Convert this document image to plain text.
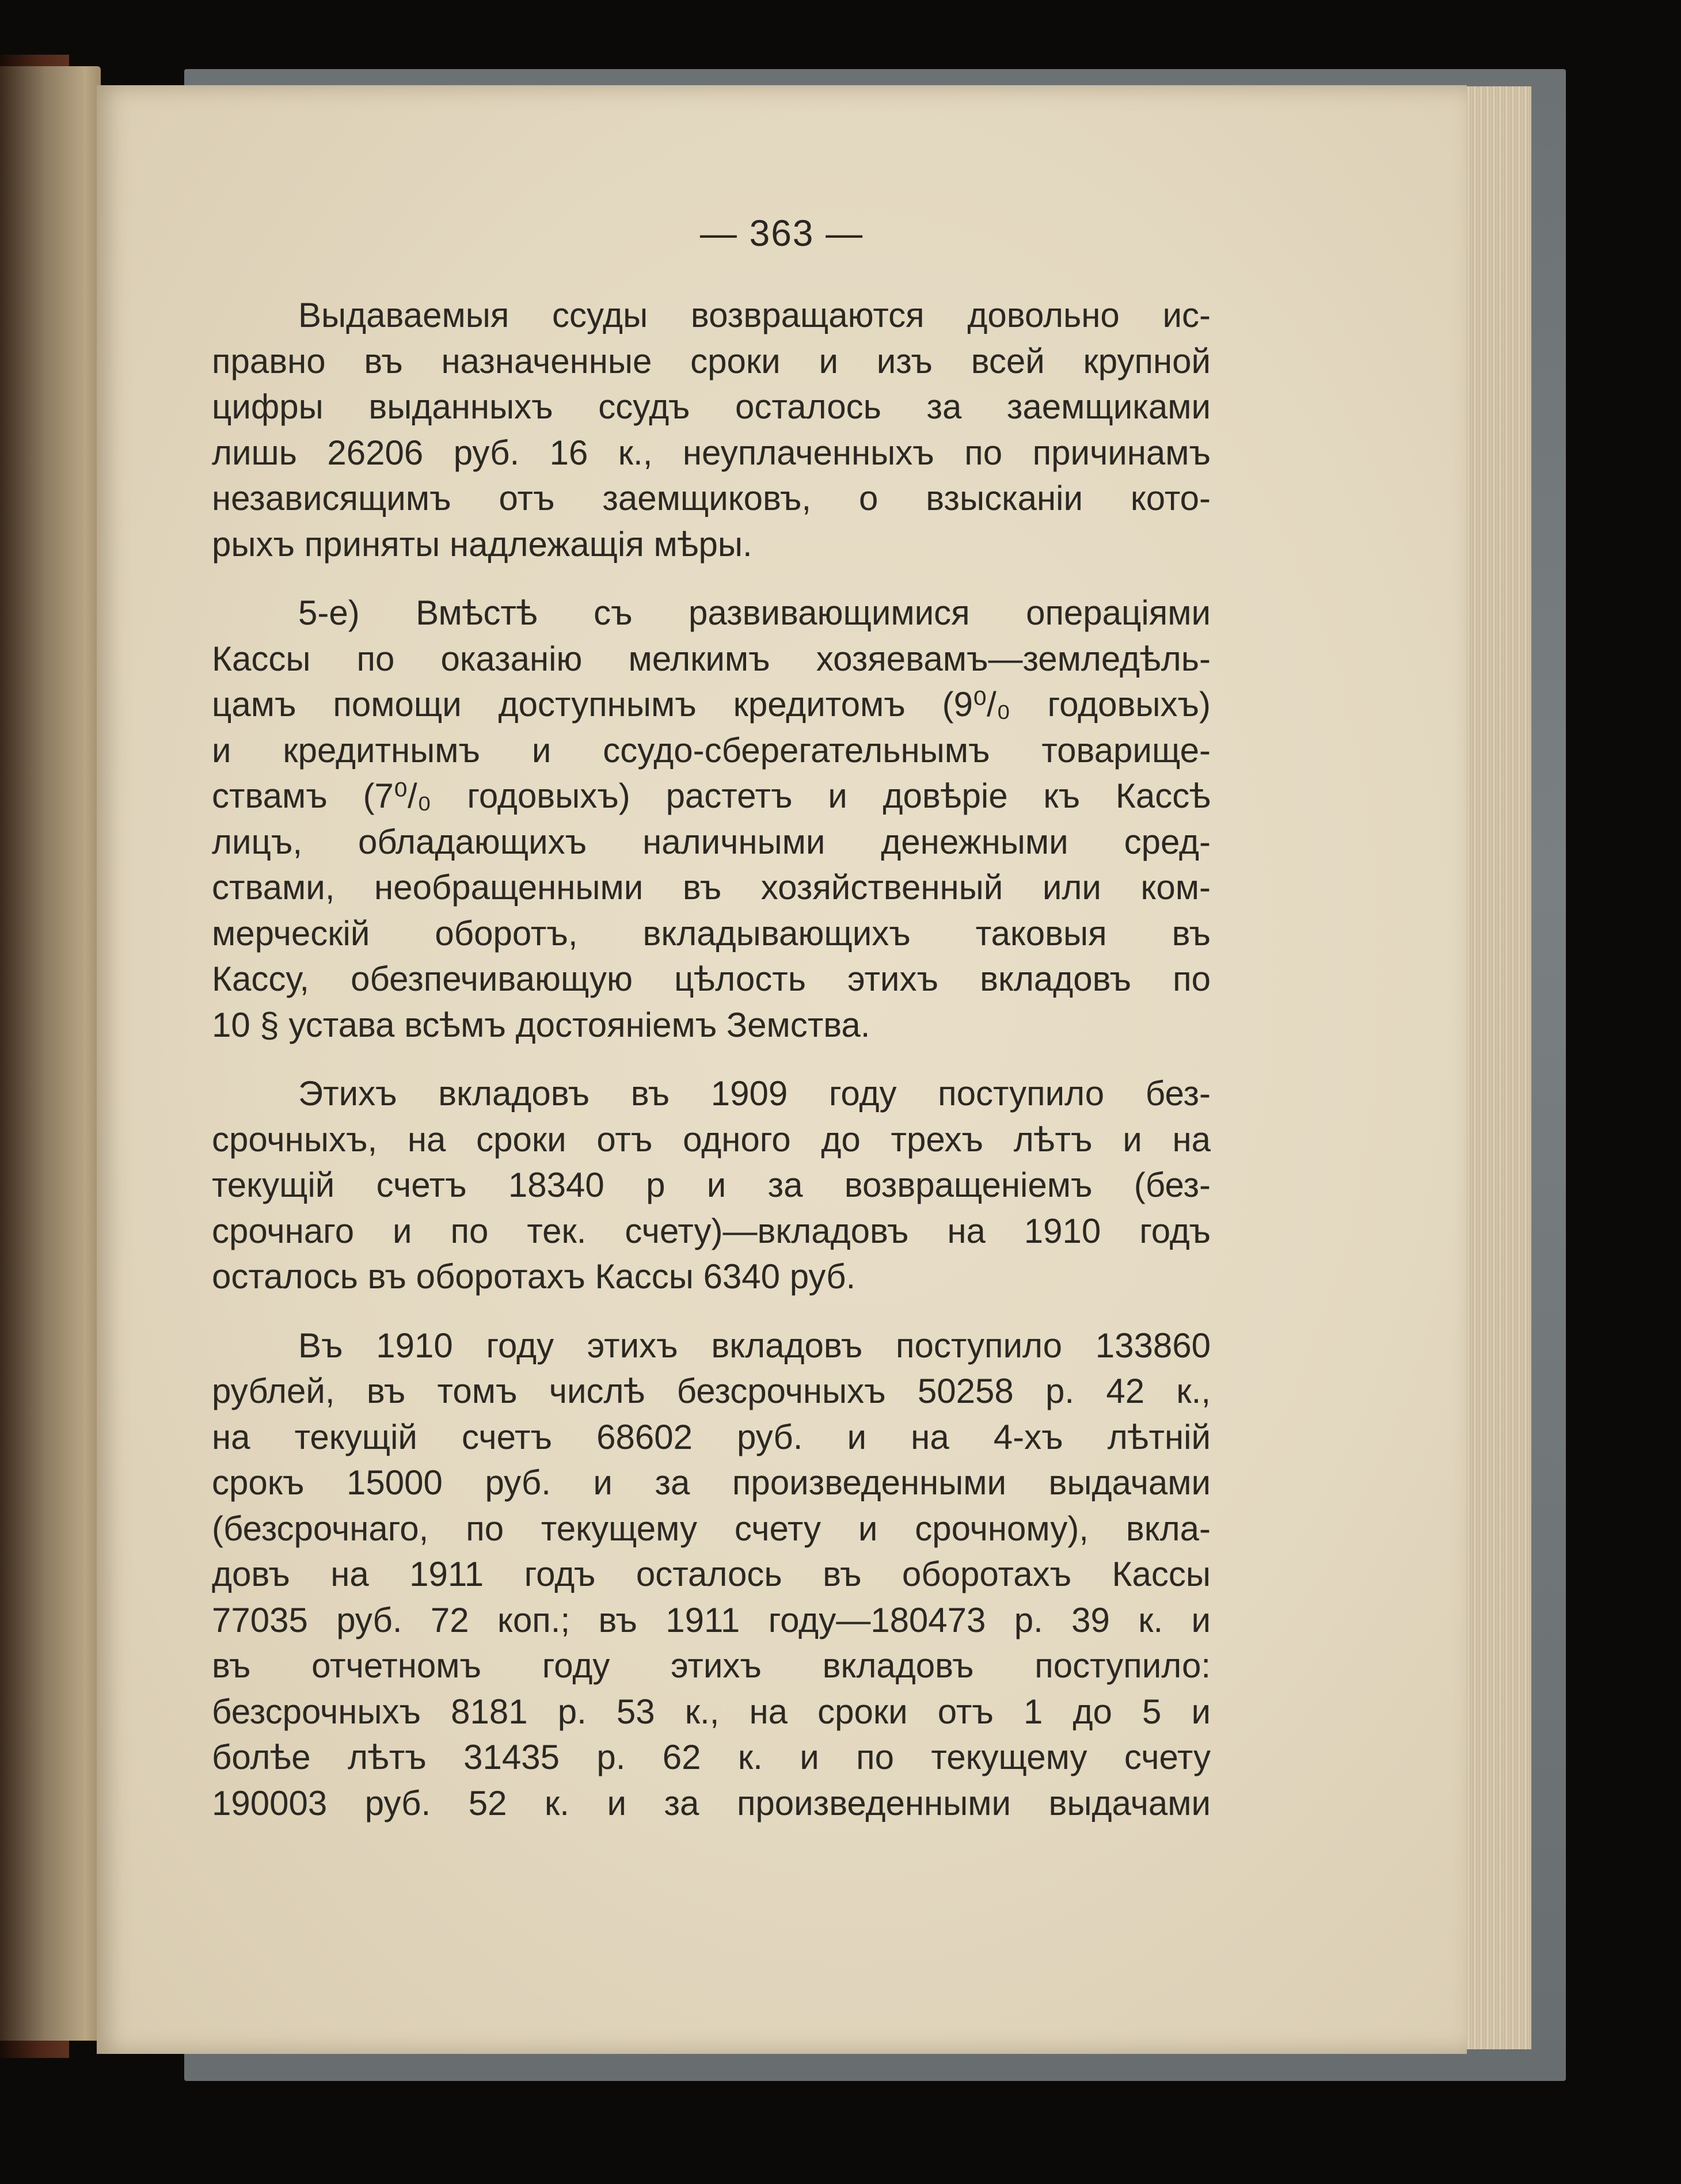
— 363 —
Выдаваемыя ссуды возвращаются довольно ис-
правно въ назначенные сроки и изъ всей крупной
цифры выданныхъ ссудъ осталось за заемщиками
лишь 26206 руб. 16 к., неуплаченныхъ по причинамъ
независящимъ отъ заемщиковъ, о взысканіи кото-
рыхъ приняты надлежащія мѣры.
5-е) Вмѣстѣ съ развивающимися операціями
Кассы по оказанію мелкимъ хозяевамъ—земледѣль-
цамъ помощи доступнымъ кредитомъ (9⁰/₀ годовыхъ)
и кредитнымъ и ссудо-сберегательнымъ товарище-
ствамъ (7⁰/₀ годовыхъ) растетъ и довѣріе къ Кассѣ
лицъ, обладающихъ наличными денежными сред-
ствами, необращенными въ хозяйственный или ком-
мерческій оборотъ, вкладывающихъ таковыя въ
Кассу, обезпечивающую цѣлость этихъ вкладовъ по
10 § устава всѣмъ достояніемъ Земства.
Этихъ вкладовъ въ 1909 году поступило без-
срочныхъ, на сроки отъ одного до трехъ лѣтъ и на
текущій счетъ 18340 р и за возвращеніемъ (без-
срочнаго и по тек. счету)—вкладовъ на 1910 годъ
осталось въ оборотахъ Кассы 6340 руб.
Въ 1910 году этихъ вкладовъ поступило 133860
рублей, въ томъ числѣ безсрочныхъ 50258 р. 42 к.,
на текущій счетъ 68602 руб. и на 4-хъ лѣтній
срокъ 15000 руб. и за произведенными выдачами
(безсрочнаго, по текущему счету и срочному), вкла-
довъ на 1911 годъ осталось въ оборотахъ Кассы
77035 руб. 72 коп.; въ 1911 году—180473 р. 39 к. и
въ отчетномъ году этихъ вкладовъ поступило:
безсрочныхъ 8181 р. 53 к., на сроки отъ 1 до 5 и
болѣе лѣтъ 31435 р. 62 к. и по текущему счету
190003 руб. 52 к. и за произведенными выдачами
